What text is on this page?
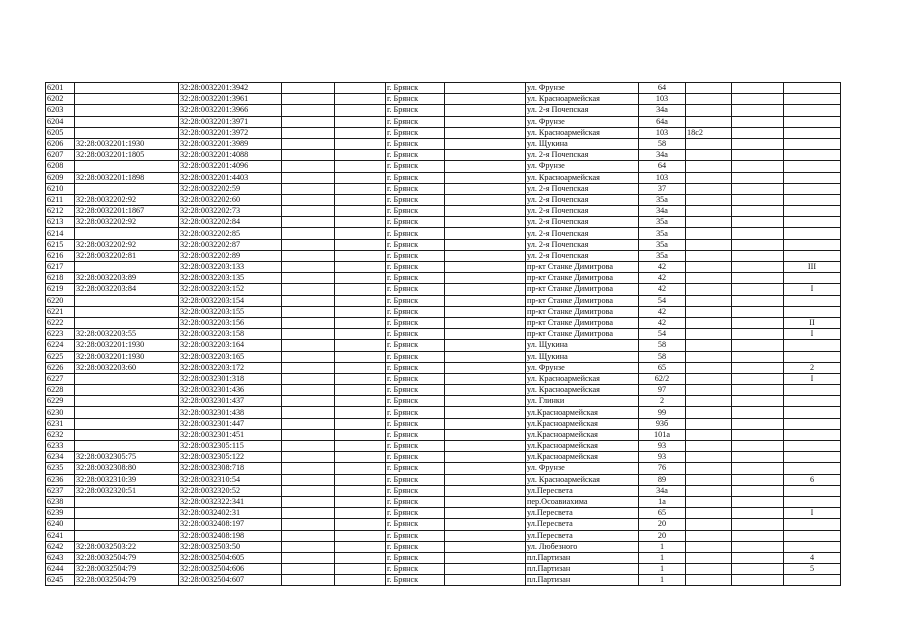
6201		32:28:0032201:3942			г. Брянск		ул. Фрунзе	64			
6202		32:28:0032201:3961			г. Брянск		ул. Красноармейская	103			
6203		32:28:0032201:3966			г. Брянск		ул. 2-я Почепская	34а			
6204		32:28:0032201:3971			г. Брянск		ул. Фрунзе	64а			
6205		32:28:0032201:3972			г. Брянск		ул. Красноармейская	103	18с2		
6206	32:28:0032201:1930	32:28:0032201:3989			г. Брянск		ул. Щукина	58			
6207	32:28:0032201:1805	32:28:0032201:4088			г. Брянск		ул. 2-я Почепская	34а			
6208		32:28:0032201:4096			г. Брянск		ул. Фрунзе	64			
6209	32:28:0032201:1898	32:28:0032201:4403			г. Брянск		ул. Красноармейская	103			
6210		32:28:0032202:59			г. Брянск		ул. 2-я Почепская	37			
6211	32:28:0032202:92	32:28:0032202:60			г. Брянск		ул. 2-я Почепская	35а			
6212	32:28:0032201:1867	32:28:0032202:73			г. Брянск		ул. 2-я Почепская	34а			
6213	32:28:0032202:92	32:28:0032202:84			г. Брянск		ул. 2-я Почепская	35а			
6214		32:28:0032202:85			г. Брянск		ул. 2-я Почепская	35а			
6215	32:28:0032202:92	32:28:0032202:87			г. Брянск		ул. 2-я Почепская	35а			
6216	32:28:0032202:81	32:28:0032202:89			г. Брянск		ул. 2-я Почепская	35а			
6217		32:28:0032203:133			г. Брянск		пр-кт Станке Димитрова	42			III
6218	32:28:0032203:89	32:28:0032203:135			г. Брянск		пр-кт Станке Димитрова	42			
6219	32:28:0032203:84	32:28:0032203:152			г. Брянск		пр-кт Станке Димитрова	42			I
6220		32:28:0032203:154			г. Брянск		пр-кт Станке Димитрова	54			
6221		32:28:0032203:155			г. Брянск		пр-кт Станке Димитрова	42			
6222		32:28:0032203:156			г. Брянск		пр-кт Станке Димитрова	42			II
6223	32:28:0032203:55	32:28:0032203:158			г. Брянск		пр-кт Станке Димитрова	54			I
6224	32:28:0032201:1930	32:28:0032203:164			г. Брянск		ул. Щукина	58			
6225	32:28:0032201:1930	32:28:0032203:165			г. Брянск		ул. Щукина	58			
6226	32:28:0032203:60	32:28:0032203:172			г. Брянск		ул. Фрунзе	65			2
6227		32:28:0032301:318			г. Брянск		ул. Красноармейская	62/2			I
6228		32:28:0032301:436			г. Брянск		ул. Красноармейская	97			
6229		32:28:0032301:437			г. Брянск		ул. Глинки	2			
6230		32:28:0032301:438			г. Брянск		ул.Красноармейская	99			
6231		32:28:0032301:447			г. Брянск		ул.Красноармейская	93б			
6232		32:28:0032301:451			г. Брянск		ул.Красноармейская	101а			
6233		32:28:0032305:115			г. Брянск		ул.Красноармейская	93			
6234	32:28:0032305:75	32:28:0032305:122			г. Брянск		ул.Красноармейская	93			
6235	32:28:0032308:80	32:28:0032308:718			г. Брянск		ул. Фрунзе	76			
6236	32:28:0032310:39	32:28:0032310:54			г. Брянск		ул. Красноармейская	89			6
6237	32:28:0032320:51	32:28:0032320:52			г. Брянск		ул.Пересвета	34а			
6238		32:28:0032322:341			г. Брянск		пер.Осоавиахима	1а			
6239		32:28:0032402:31			г. Брянск		ул.Пересвета	65			I
6240		32:28:0032408:197			г. Брянск		ул.Пересвета	20			
6241		32:28:0032408:198			г. Брянск		ул.Пересвета	20			
6242	32:28:0032503:22	32:28:0032503:50			г. Брянск		ул. Любезного	1			
6243	32:28:0032504:79	32:28:0032504:605			г. Брянск		пл.Партизан	1			4
6244	32:28:0032504:79	32:28:0032504:606			г. Брянск		пл.Партизан	1			5
6245	32:28:0032504:79	32:28:0032504:607			г. Брянск		пл.Партизан	1			
